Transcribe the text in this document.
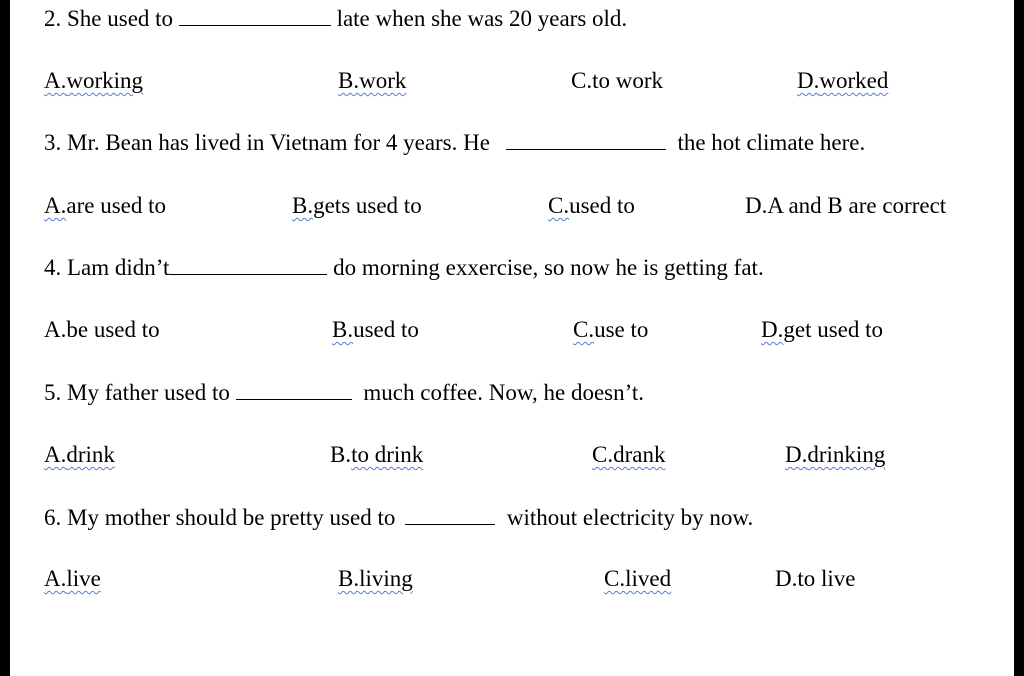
2. She used to	late when she was 20 years old.
A.working	B.work	C.to work	D.worked
3. Mr. Bean has lived in Vietnam for 4 years. He	the hot climate here.
A.are used to	B.gets used to	C.used to	D.A and B are correct
4. Lam didn’t	do morning exxercise, so now he is getting fat.
A.be used to	B.used to	C.use to	D.get used to
5. My father used to	much coffee. Now, he doesn’t.
A.drink	B.to drink	C.drank	D.drinking
6. My mother should be pretty used to	without electricity by now.
A.live	B.living	C.lived	D.to live
